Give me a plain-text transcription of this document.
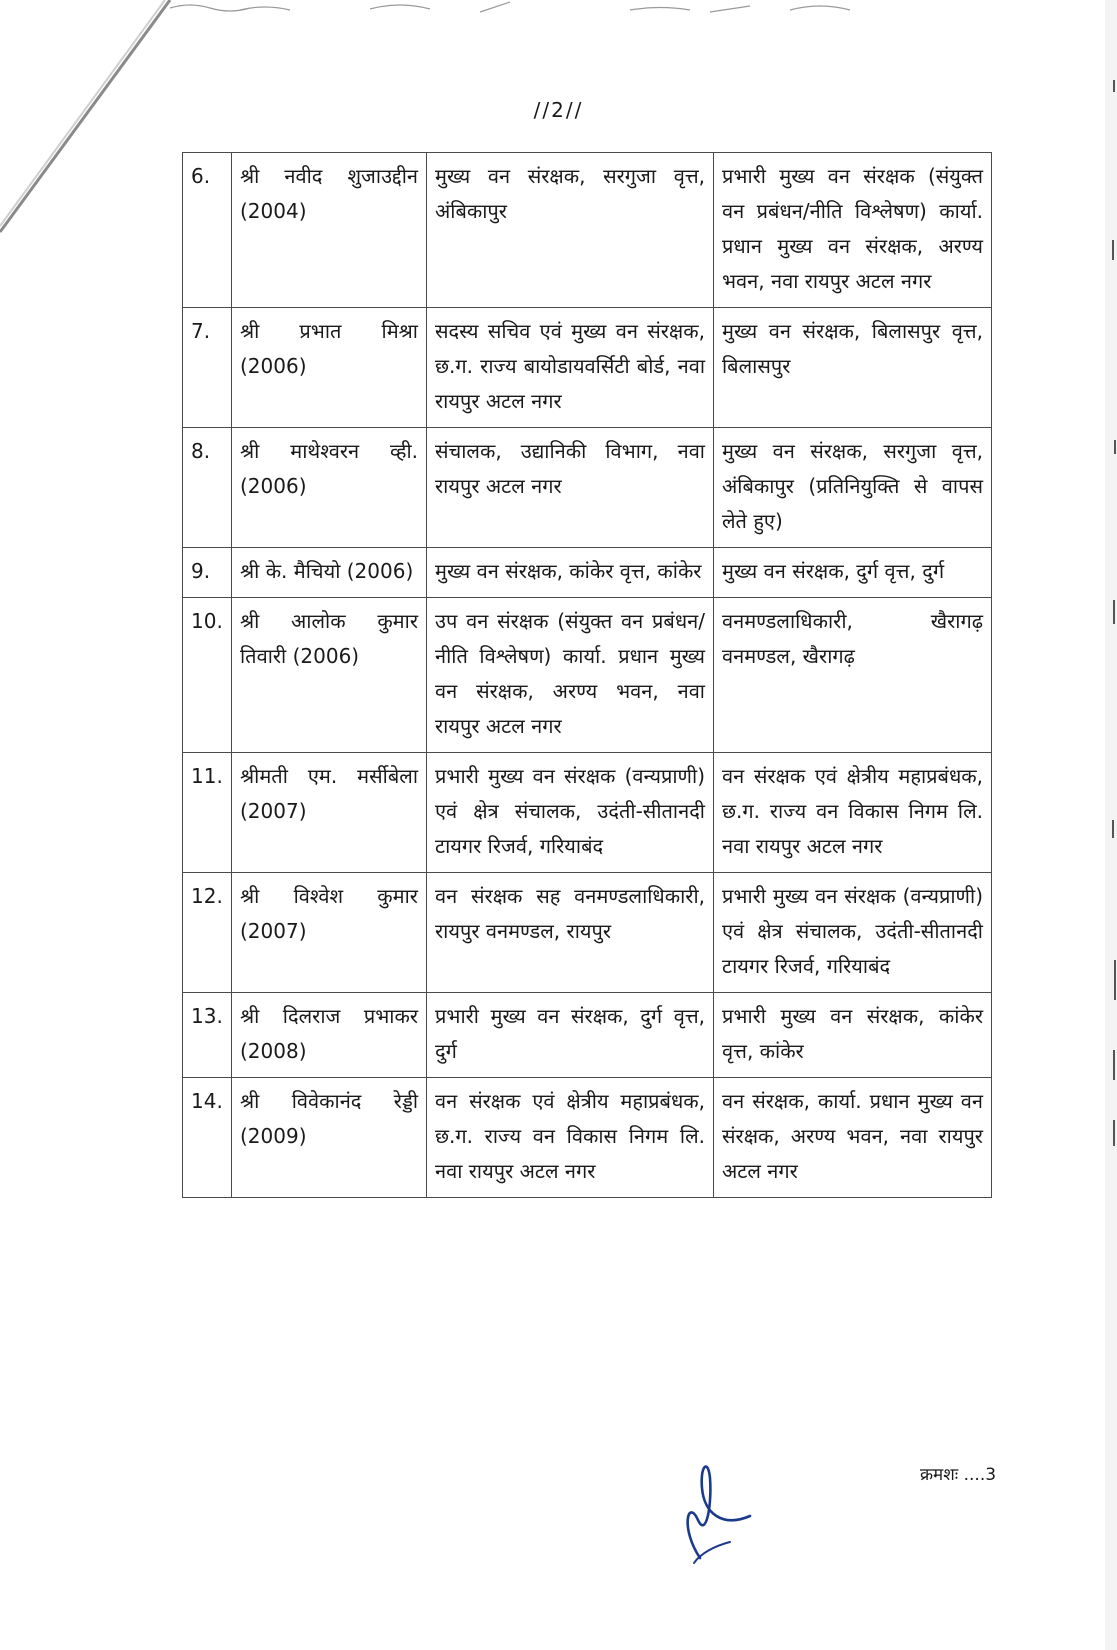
//2//
6.	श्री नवीद शुजाउद्दीन (2004)	मुख्य वन संरक्षक, सरगुजा वृत्त, अंबिकापुर	प्रभारी मुख्य वन संरक्षक (संयुक्त वन प्रबंधन/नीति विश्लेषण) कार्या. प्रधान मुख्य वन संरक्षक, अरण्य भवन, नवा रायपुर अटल नगर
7.	श्री प्रभात मिश्रा (2006)	सदस्य सचिव एवं मुख्य वन संरक्षक, छ.ग. राज्य बायोडायवर्सिटी बोर्ड, नवा रायपुर अटल नगर	मुख्य वन संरक्षक, बिलासपुर वृत्त, बिलासपुर
8.	श्री माथेश्वरन व्ही. (2006)	संचालक, उद्यानिकी विभाग, नवा रायपुर अटल नगर	मुख्य वन संरक्षक, सरगुजा वृत्त, अंबिकापुर (प्रतिनियुक्ति से वापस लेते हुए)
9.	श्री के. मैचियो (2006)	मुख्य वन संरक्षक, कांकेर वृत्त, कांकेर	मुख्य वन संरक्षक, दुर्ग वृत्त, दुर्ग
10.	श्री आलोक कुमार तिवारी (2006)	उप वन संरक्षक (संयुक्त वन प्रबंधन/नीति विश्लेषण) कार्या. प्रधान मुख्य वन संरक्षक, अरण्य भवन, नवा रायपुर अटल नगर	वनमण्डलाधिकारी, खैरागढ़ वनमण्डल, खैरागढ़
11.	श्रीमती एम. मर्सीबेला (2007)	प्रभारी मुख्य वन संरक्षक (वन्यप्राणी) एवं क्षेत्र संचालक, उदंती-सीतानदी टायगर रिजर्व, गरियाबंद	वन संरक्षक एवं क्षेत्रीय महाप्रबंधक, छ.ग. राज्य वन विकास निगम लि. नवा रायपुर अटल नगर
12.	श्री विश्वेश कुमार (2007)	वन संरक्षक सह वनमण्डलाधिकारी, रायपुर वनमण्डल, रायपुर	प्रभारी मुख्य वन संरक्षक (वन्यप्राणी) एवं क्षेत्र संचालक, उदंती-सीतानदी टायगर रिजर्व, गरियाबंद
13.	श्री दिलराज प्रभाकर (2008)	प्रभारी मुख्य वन संरक्षक, दुर्ग वृत्त, दुर्ग	प्रभारी मुख्य वन संरक्षक, कांकेर वृत्त, कांकेर
14.	श्री विवेकानंद रेड्डी (2009)	वन संरक्षक एवं क्षेत्रीय महाप्रबंधक, छ.ग. राज्य वन विकास निगम लि. नवा रायपुर अटल नगर	वन संरक्षक, कार्या. प्रधान मुख्य वन संरक्षक, अरण्य भवन, नवा रायपुर अटल नगर
क्रमशः ....3
